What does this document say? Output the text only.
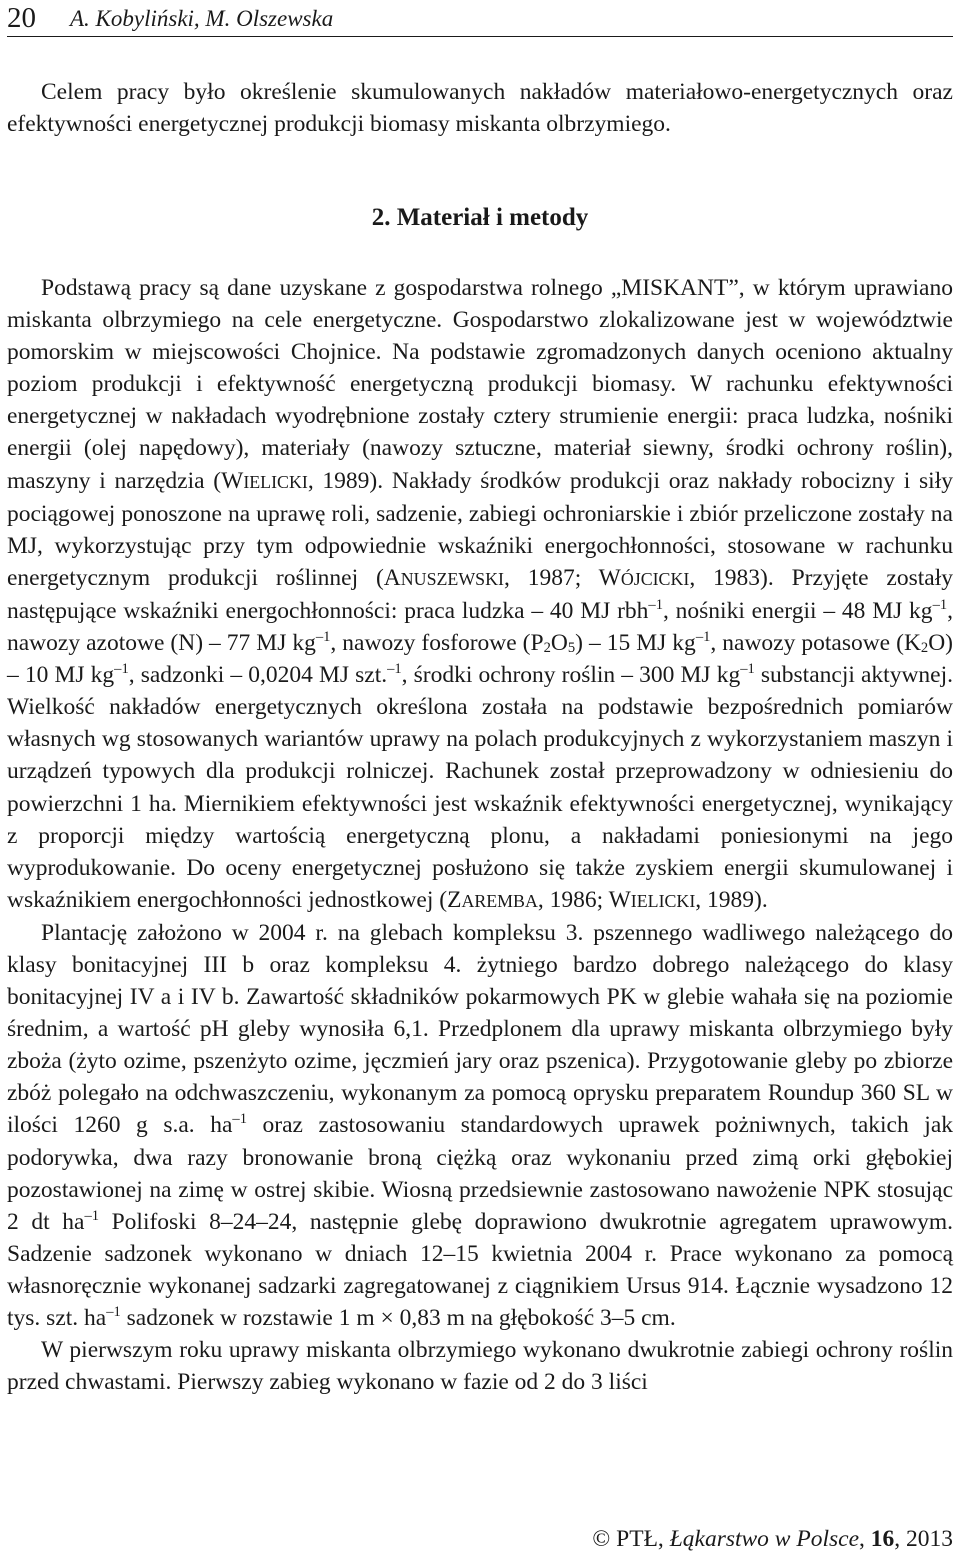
20 A. Kobyliński, M. Olszewska

Celem pracy było określenie skumulowanych nakładów materiałowo-energetycznych oraz efektywności energetycznej produkcji biomasy miskanta olbrzymiego.

2. Materiał i metody

Podstawą pracy są dane uzyskane z gospodarstwa rolnego „MISKANT”, w którym uprawiano miskanta olbrzymiego na cele energetyczne. Gospodarstwo zlokalizowane jest w województwie pomorskim w miejscowości Chojnice. Na podstawie zgromadzonych danych oceniono aktualny poziom produkcji i efektywność energetyczną produkcji biomasy. W rachunku efektywności energetycznej w nakładach wyodrębnione zostały cztery strumienie energii: praca ludzka, nośniki energii (olej napędowy), materiały (nawozy sztuczne, materiał siewny, środki ochrony roślin), maszyny i narzędzia (WIELICKI, 1989). Nakłady środków produkcji oraz nakłady robocizny i siły pociągowej ponoszone na uprawę roli, sadzenie, zabiegi ochroniarskie i zbiór przeliczone zostały na MJ, wykorzystując przy tym odpowiednie wskaźniki energochłonności, stosowane w rachunku energetycznym produkcji roślinnej (ANUSZEWSKI, 1987; WÓJCICKI, 1983). Przyjęte zostały następujące wskaźniki energochłonności: praca ludzka – 40 MJ rbh$^{-1}$, nośniki energii – 48 MJ $kg^{-1}$, nawozy azotowe (N) – 77 MJ $kg^{-1}$, nawozy fosforowe $(P_2O_5) - 15$ MJ $kg^{-1}$, nawozy potasowe $(K_2O) - 10$ MJ $kg^{-1}$, sadzonki – 0,0204 MJ szt.$^{-1}$, środki ochrony roślin – 300 MJ $kg^{-1}$ substancji aktywnej. Wielkość nakładów energetycznych określona została na podstawie bezpośrednich pomiarów własnych wg stosowanych wariantów uprawy na polach produkcyjnych z wykorzystaniem maszyn i urządzeń typowych dla produkcji rolniczej. Rachunek został przeprowadzony w odniesieniu do powierzchni 1 ha. Miernikiem efektywności jest wskaźnik efektywności energetycznej, wynikający z proporcji między wartością energetyczną plonu, a nakładami poniesionymi na jego wyprodukowanie. Do oceny energetycznej posłużono się także zyskiem energii skumulowanej i wskaźnikiem energochłonności jednostkowej (ZAREMBA, 1986; WIELICKI, 1989).

Plantację założono w 2004 r. na glebach kompleksu 3. pszennego wadliwego należącego do klasy bonitacyjnej III b oraz kompleksu 4. żytniego bardzo dobrego należącego do klasy bonitacyjnej IV a i IV b. Zawartość składników pokarmowych PK w glebie wahała się na poziomie średnim, a wartość pH gleby wynosiła 6,1. Przedplonem dla uprawy miskanta olbrzymiego były zboża (żyto ozime, pszenżyto ozime, jęczmień jary oraz pszenica). Przygotowanie gleby po zbiorze zbóż polegało na odchwaszczeniu, wykonanym za pomocą oprysku preparatem Roundup 360 SL w ilości 1260 g s.a. $ha^{-1}$ oraz zastosowaniu standardowych uprawek pożniwnych, takich jak podorywka, dwa razy bronowanie broną ciężką oraz wykonaniu przed zimą orki głębokiej pozostawionej na zimę w ostrej skibie. Wiosną przedsiewnie zastosowano nawożenie NPK stosując 2 dt $ha^{-1}$ Polifoski 8–24–24, następnie glebę doprawiono dwukrotnie agregatem uprawowym. Sadzenie sadzonek wykonano w dniach 12–15 kwietnia 2004 r. Prace wykonano za pomocą własnoręcznie wykonanej sadzarki zagregatowanej z ciągnikiem Ursus 914. Łącznie wysadzono 12 tys. szt. $ha^{-1}$ sadzonek w rozstawie 1 m × 0,83 m na głębokość 3–5 cm.

W pierwszym roku uprawy miskanta olbrzymiego wykonano dwukrotnie zabiegi ochrony roślin przed chwastami. Pierwszy zabieg wykonano w fazie od 2 do 3 liści

© PTŁ, Łąkarstwo w Polsce, 16, 2013
